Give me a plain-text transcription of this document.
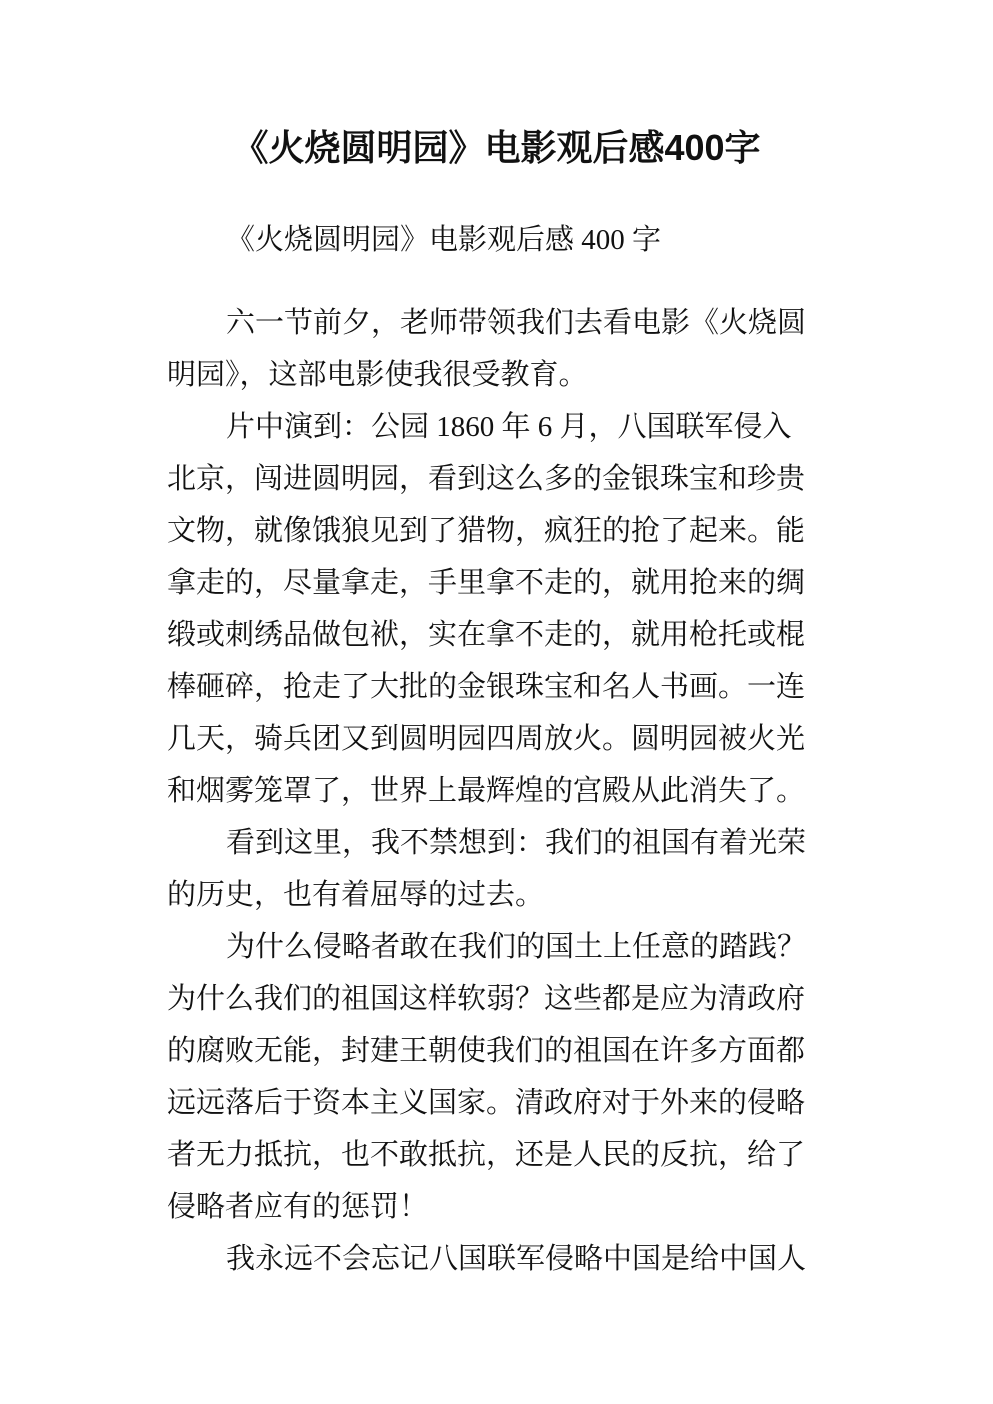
《火烧圆明园》电影观后感400字
《火烧圆明园》电影观后感 400 字
六一节前夕，老师带领我们去看电影《火烧圆
明园》，这部电影使我很受教育。
片中演到：公园 1860 年 6 月，八国联军侵入
北京，闯进圆明园，看到这么多的金银珠宝和珍贵
文物，就像饿狼见到了猎物，疯狂的抢了起来。能
拿走的，尽量拿走，手里拿不走的，就用抢来的绸
缎或刺绣品做包袱，实在拿不走的，就用枪托或棍
棒砸碎，抢走了大批的金银珠宝和名人书画。一连
几天，骑兵团又到圆明园四周放火。圆明园被火光
和烟雾笼罩了，世界上最辉煌的宫殿从此消失了。
看到这里，我不禁想到：我们的祖国有着光荣
的历史，也有着屈辱的过去。
为什么侵略者敢在我们的国土上任意的踏践？
为什么我们的祖国这样软弱？这些都是应为清政府
的腐败无能，封建王朝使我们的祖国在许多方面都
远远落后于资本主义国家。清政府对于外来的侵略
者无力抵抗，也不敢抵抗，还是人民的反抗，给了
侵略者应有的惩罚！
我永远不会忘记八国联军侵略中国是给中国人
